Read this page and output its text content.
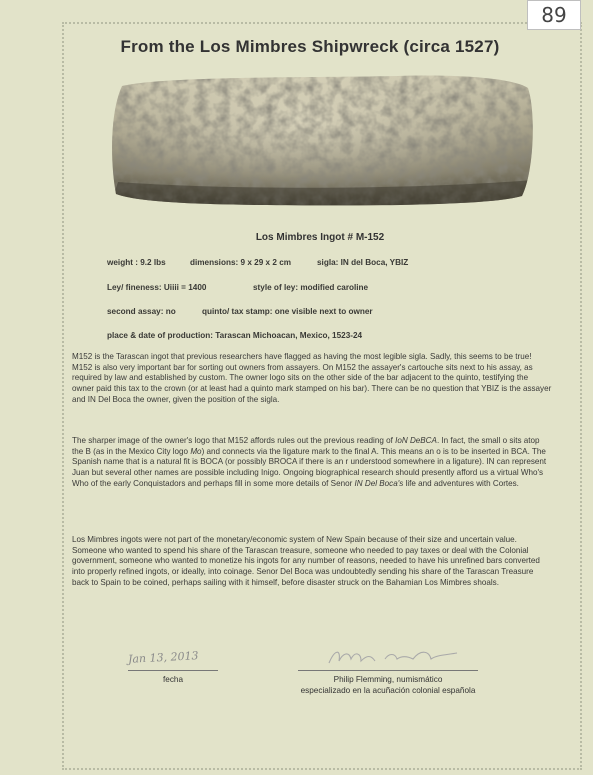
89
From the Los Mimbres Shipwreck (circa 1527)
Los Mimbres Ingot # M-152
weight : 9.2 lbs	dimensions: 9 x 29 x 2 cm	sigla: IN del Boca, YBIZ
Ley/ fineness: Uiiii = 1400	style of ley: modified caroline
second assay: no	quinto/ tax stamp: one visible next to owner
place & date of production: Tarascan Michoacan, Mexico, 1523-24

M152 is the Tarascan ingot that previous researchers have flagged as having the most legible sigla. Sadly, this seems to be true! M152 is also very important bar for sorting out owners from assayers. On M152 the assayer's cartouche sits next to his assay, as required by law and established by custom. The owner logo sits on the other side of the bar adjacent to the quinto, testifying the owner paid this tax to the crown (or at least had a quinto mark stamped on his bar). There can be no question that YBIZ is the assayer and IN Del Boca the owner, given the position of the sigla.

The sharper image of the owner's logo that M152 affords rules out the previous reading of IoN DeBCA. In fact, the small o sits atop the B (as in the Mexico City logo Mo) and connects via the ligature mark to the final A. This means an o is to be inserted in BCA. The Spanish name that is a natural fit is BOCA (or possibly BROCA if there is an r understood somewhere in a ligature). IN can represent Juan but several other names are possible including Inigo. Ongoing biographical research should presently afford us a virtual Who's Who of the early Conquistadors and perhaps fill in some more details of Senor IN Del Boca's life and adventures with Cortes.

Los Mimbres ingots were not part of the monetary/economic system of New Spain because of their size and uncertain value. Someone who wanted to spend his share of the Tarascan treasure, someone who needed to pay taxes or deal with the Colonial government, someone who wanted to monetize his ingots for any number of reasons, needed to have his unrefined bars converted into properly refined ingots, or ideally, into coinage. Senor Del Boca was undoubtedly sending his share of the Tarascan Treasure back to Spain to be coined, perhaps sailing with it himself, before disaster struck on the Bahamian Los Mimbres shoals.

Jan 13, 2013
fecha	Philip Flemming, numismático
especializado en la acuñación colonial española
